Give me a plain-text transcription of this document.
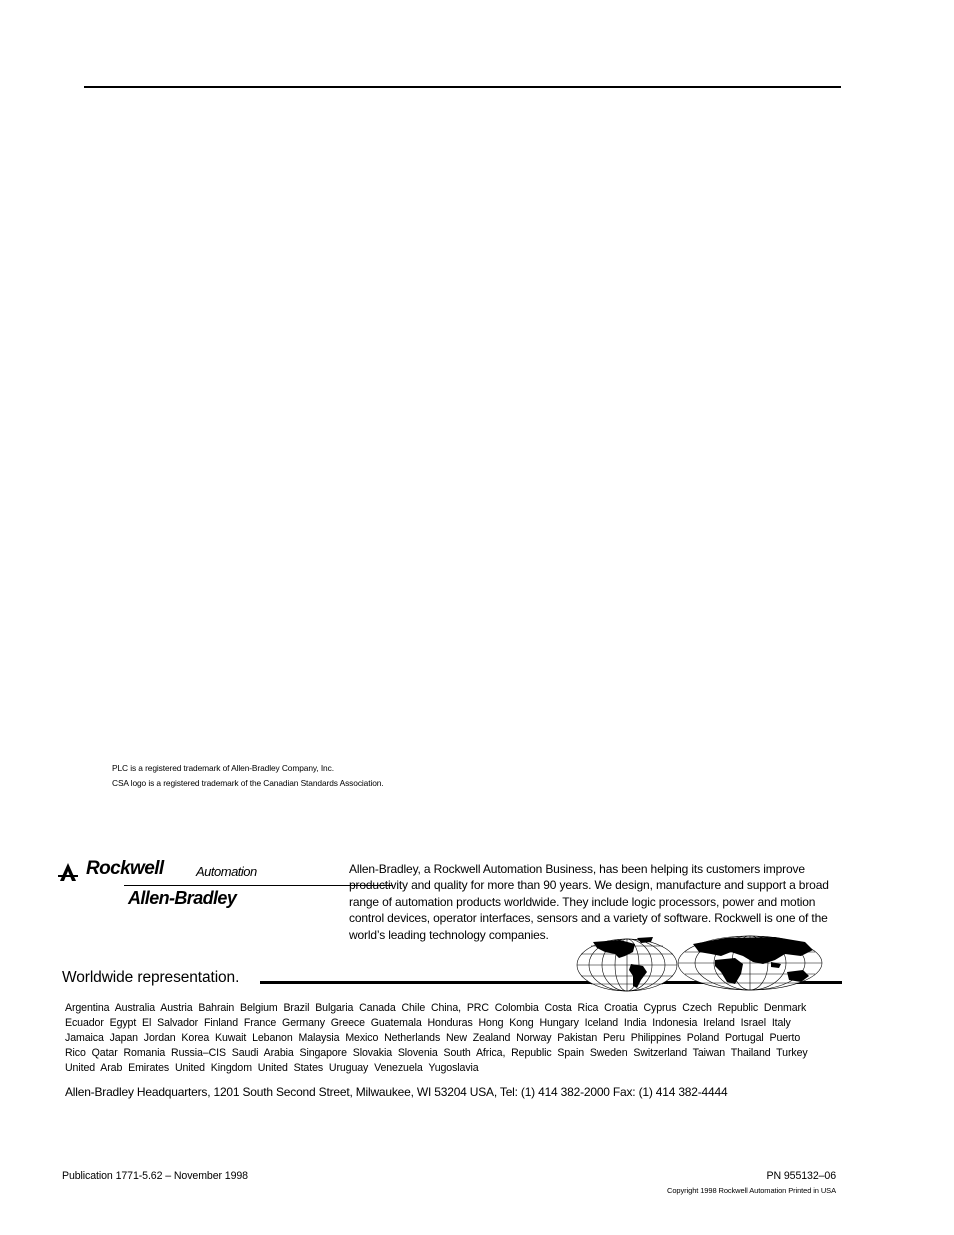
PLC is a registered trademark of Allen-Bradley Company, Inc.
CSA logo is a registered trademark of the Canadian Standards Association.
Rockwell Automation
Allen-Bradley
Allen-Bradley, a Rockwell Automation Business, has been helping its customers improve
productivity and quality for more than 90 years. We design, manufacture and support a broad
range of automation products worldwide. They include logic processors, power and motion
control devices, operator interfaces, sensors and a variety of software. Rockwell is one of the
world’s leading technology companies.
Worldwide representation.
Argentina Australia Austria Bahrain Belgium Brazil Bulgaria Canada Chile China, PRC Colombia Costa Rica Croatia Cyprus Czech Republic Denmark
Ecuador Egypt El Salvador Finland France Germany Greece Guatemala Honduras Hong Kong Hungary Iceland India Indonesia Ireland Israel Italy
Jamaica Japan Jordan Korea Kuwait Lebanon Malaysia Mexico Netherlands New Zealand Norway Pakistan Peru Philippines Poland Portugal Puerto
Rico Qatar Romania Russia–CIS Saudi Arabia Singapore Slovakia Slovenia South Africa, Republic Spain Sweden Switzerland Taiwan Thailand Turkey
United Arab Emirates United Kingdom United States Uruguay Venezuela Yugoslavia
Allen-Bradley Headquarters, 1201 South Second Street, Milwaukee, WI 53204 USA, Tel: (1) 414 382-2000 Fax: (1) 414 382-4444
Publication 1771-5.62 – November 1998	PN 955132–06
Copyright 1998 Rockwell Automation Printed in USA
